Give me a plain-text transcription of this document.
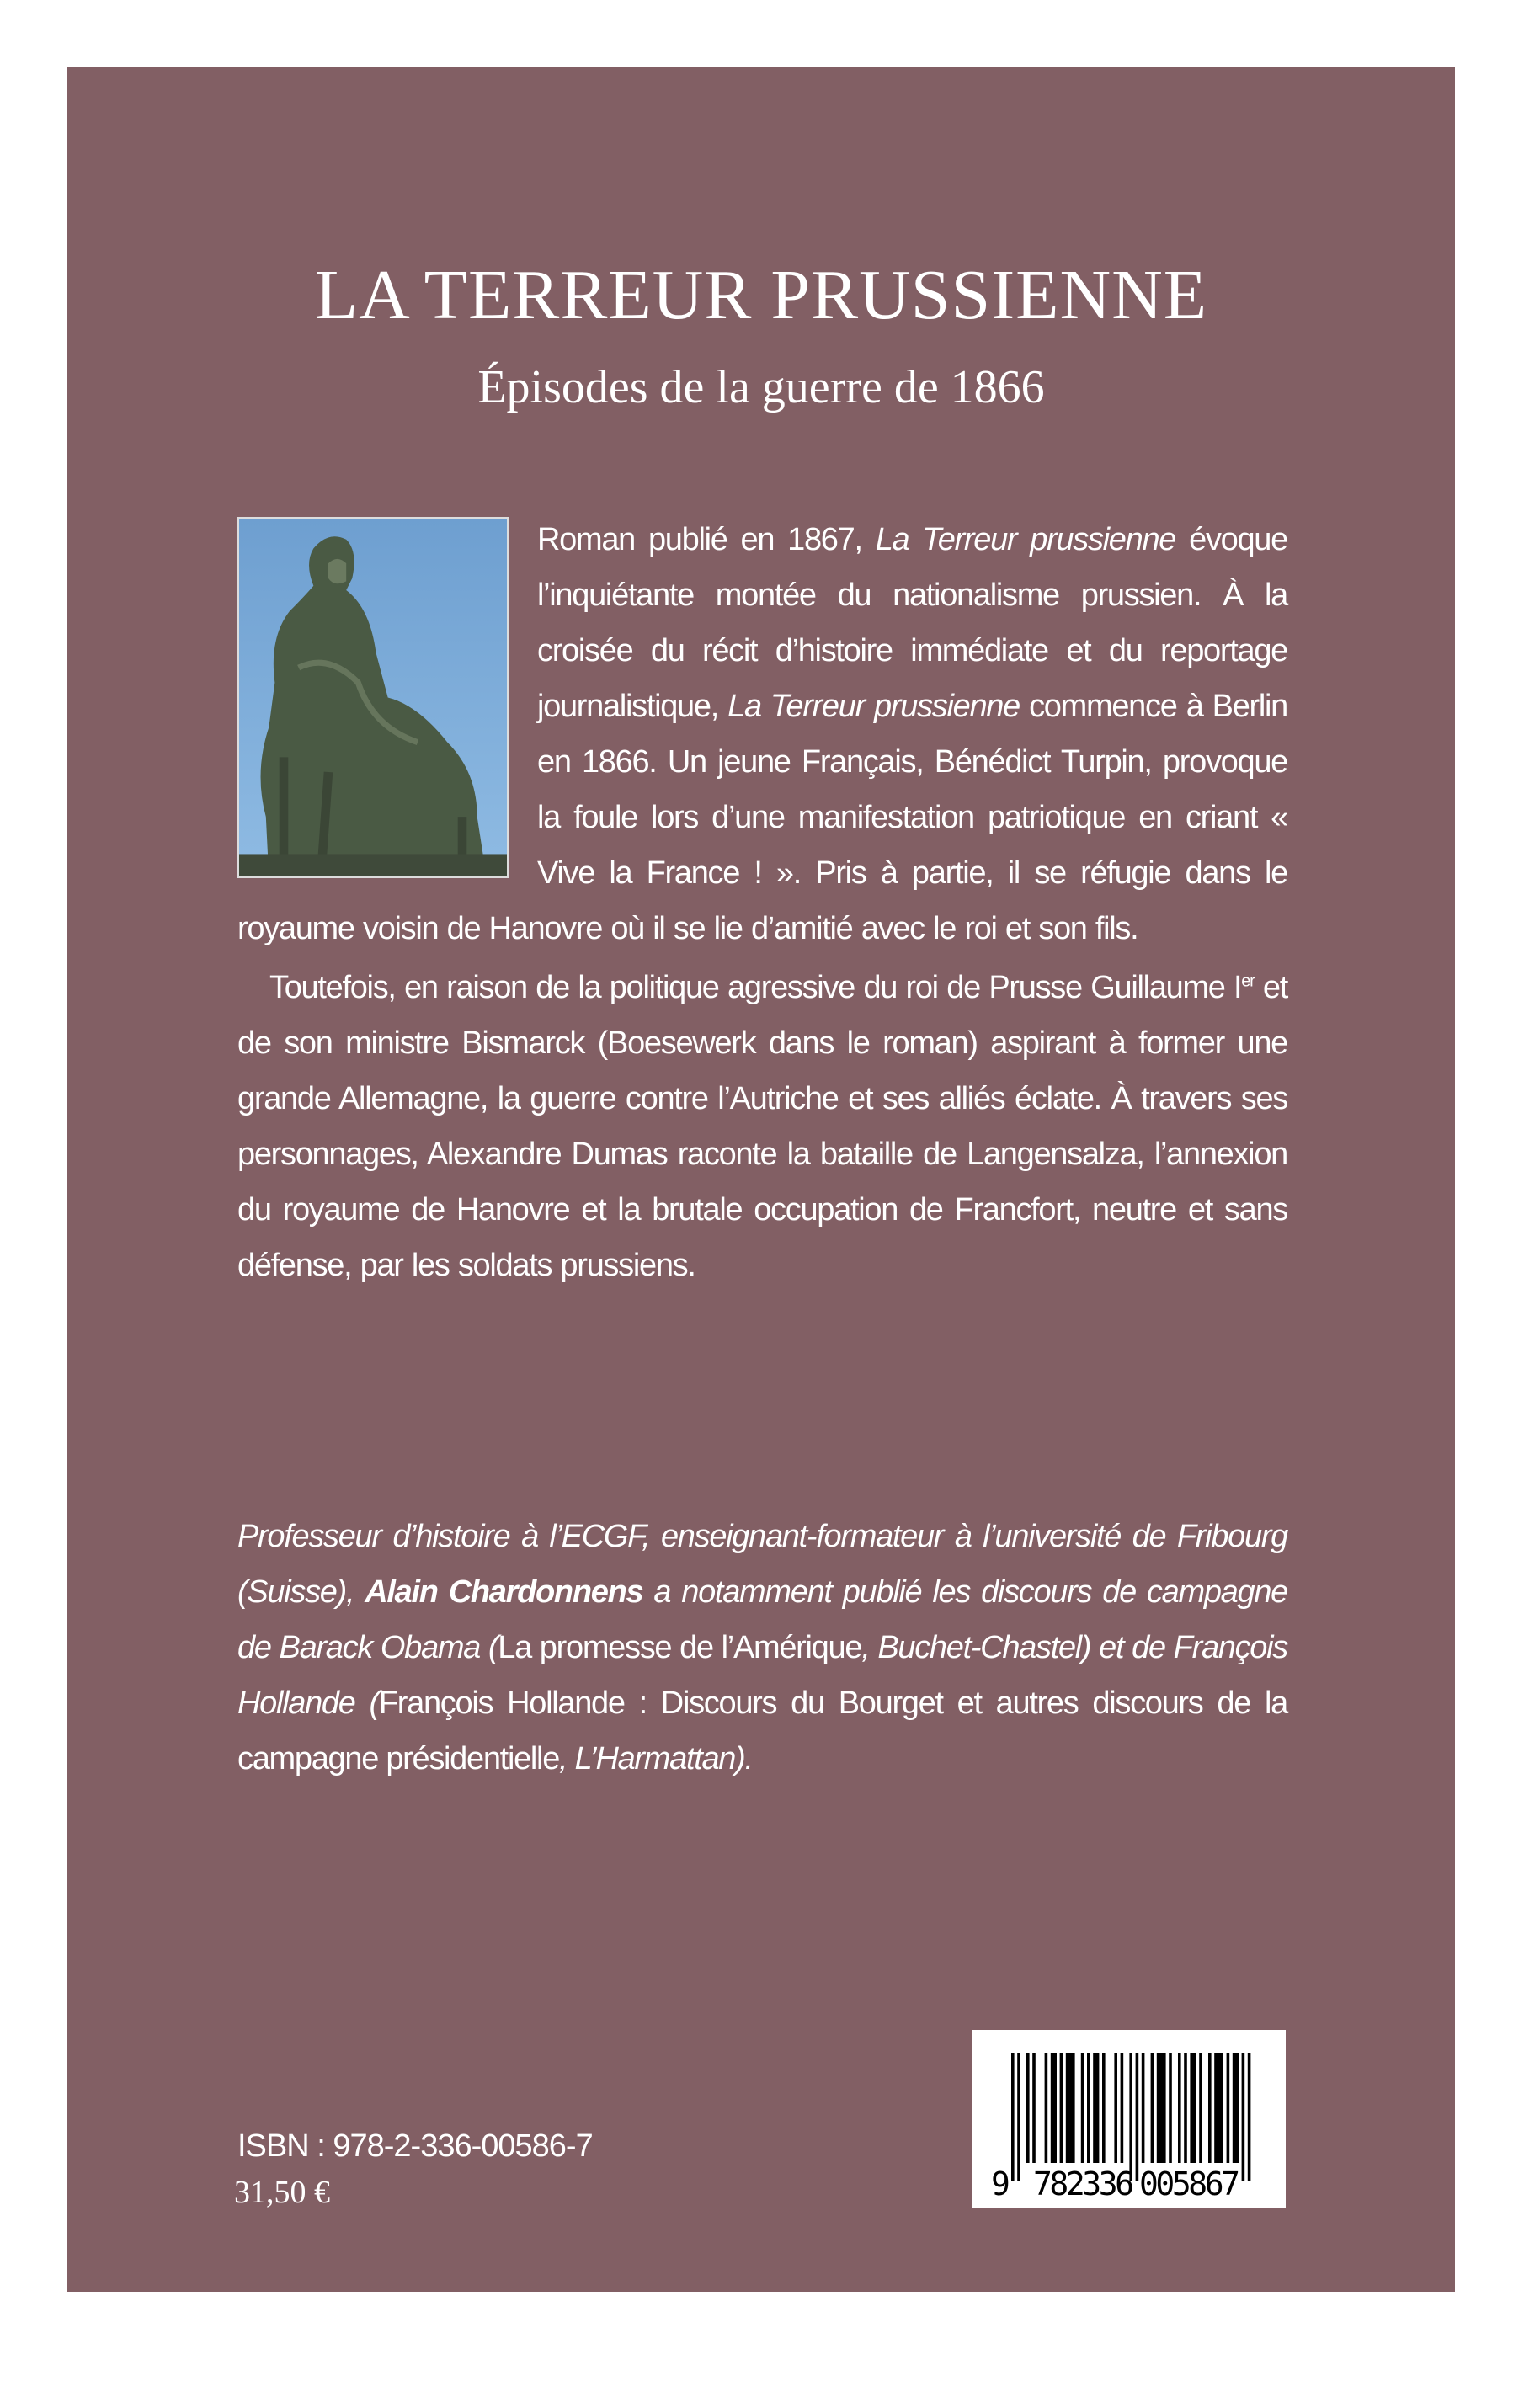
LA TERREUR PRUSSIENNE
Épisodes de la guerre de 1866

Roman publié en 1867, La Terreur prussienne évoque l’inquiétante montée du nationalisme prussien. À la croisée du récit d’histoire immédiate et du reportage journalistique, La Terreur prussienne commence à Berlin en 1866. Un jeune Français, Bénédict Turpin, provoque la foule lors d’une manifestation patriotique en criant « Vive la France ! ». Pris à partie, il se réfugie dans le royaume voisin de Hanovre où il se lie d’amitié avec le roi et son fils.

Toutefois, en raison de la politique agressive du roi de Prusse Guillaume Ier et de son ministre Bismarck (Boesewerk dans le roman) aspirant à former une grande Allemagne, la guerre contre l’Autriche et ses alliés éclate. À travers ses personnages, Alexandre Dumas raconte la bataille de Langensalza, l’annexion du royaume de Hanovre et la brutale occupation de Francfort, neutre et sans défense, par les soldats prussiens.

Professeur d’histoire à l’ECGF, enseignant-formateur à l’université de Fribourg (Suisse), Alain Chardonnens a notamment publié les discours de campagne de Barack Obama (La promesse de l’Amérique, Buchet-Chastel) et de François Hollande (François Hollande : Discours du Bourget et autres discours de la campagne présidentielle, L’Harmattan).
ISBN : 978-2-336-00586-7
31,50 €	9 782336 005867
